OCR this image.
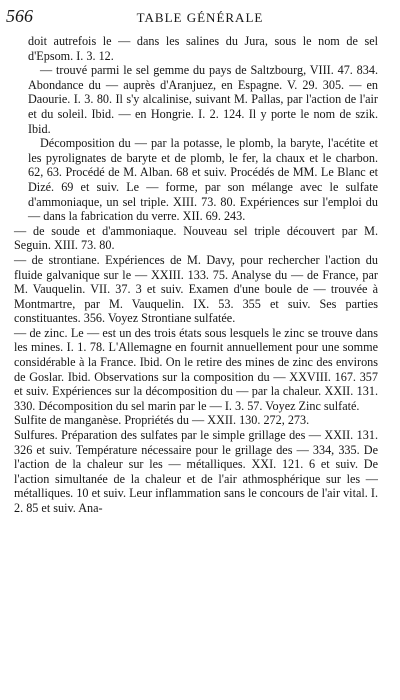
566	TABLE GÉNÉRALE

doit autrefois le — dans les salines du Jura, sous le nom de sel d'Epsom. I. 3. 12.

— trouvé parmi le sel gemme du pays de Saltzbourg, VIII. 47. 834. Abondance du — auprès d'Aranjuez, en Espagne. V. 29. 305. — en Daourie. I. 3. 80. Il s'y alcalinise, suivant M. Pallas, par l'action de l'air et du soleil. Ibid. — en Hongrie. I. 2. 124. Il y porte le nom de szik. Ibid.

Décomposition du — par la potasse, le plomb, la baryte, l'acétite et les pyrolignates de baryte et de plomb, le fer, la chaux et le charbon. 62, 63. Procédé de M. Alban. 68 et suiv. Procédés de MM. Le Blanc et Dizé. 69 et suiv. Le — forme, par son mélange avec le sulfate d'ammoniaque, un sel triple. XIII. 73. 80. Expériences sur l'emploi du — dans la fabrication du verre. XII. 69. 243.

— de soude et d'ammoniaque. Nouveau sel triple découvert par M. Seguin. XIII. 73. 80.

— de strontiane. Expériences de M. Davy, pour rechercher l'action du fluide galvanique sur le — XXIII. 133. 75. Analyse du — de France, par M. Vauquelin. VII. 37. 3 et suiv. Examen d'une boule de — trouvée à Montmartre, par M. Vauquelin. IX. 53. 355 et suiv. Ses parties constituantes. 356. Voyez Strontiane sulfatée.

— de zinc. Le — est un des trois états sous lesquels le zinc se trouve dans les mines. I. 1. 78. L'Allemagne en fournit annuellement pour une somme considérable à la France. Ibid. On le retire des mines de zinc des environs de Goslar. Ibid. Observations sur la composition du — XXVIII. 167. 357 et suiv. Expériences sur la décomposition du — par la chaleur. XXII. 131. 330. Décomposition du sel marin par le — I. 3. 57. Voyez Zinc sulfaté.

Sulfite de manganèse. Propriétés du — XXII. 130. 272, 273.

Sulfures. Préparation des sulfates par le simple grillage des — XXII. 131. 326 et suiv. Température nécessaire pour le grillage des — 334, 335. De l'action de la chaleur sur les — métalliques. XXI. 121. 6 et suiv. De l'action simultanée de la chaleur et de l'air athmosphérique sur les — métalliques. 10 et suiv. Leur inflammation sans le concours de l'air vital. I. 2. 85 et suiv. Ana-
